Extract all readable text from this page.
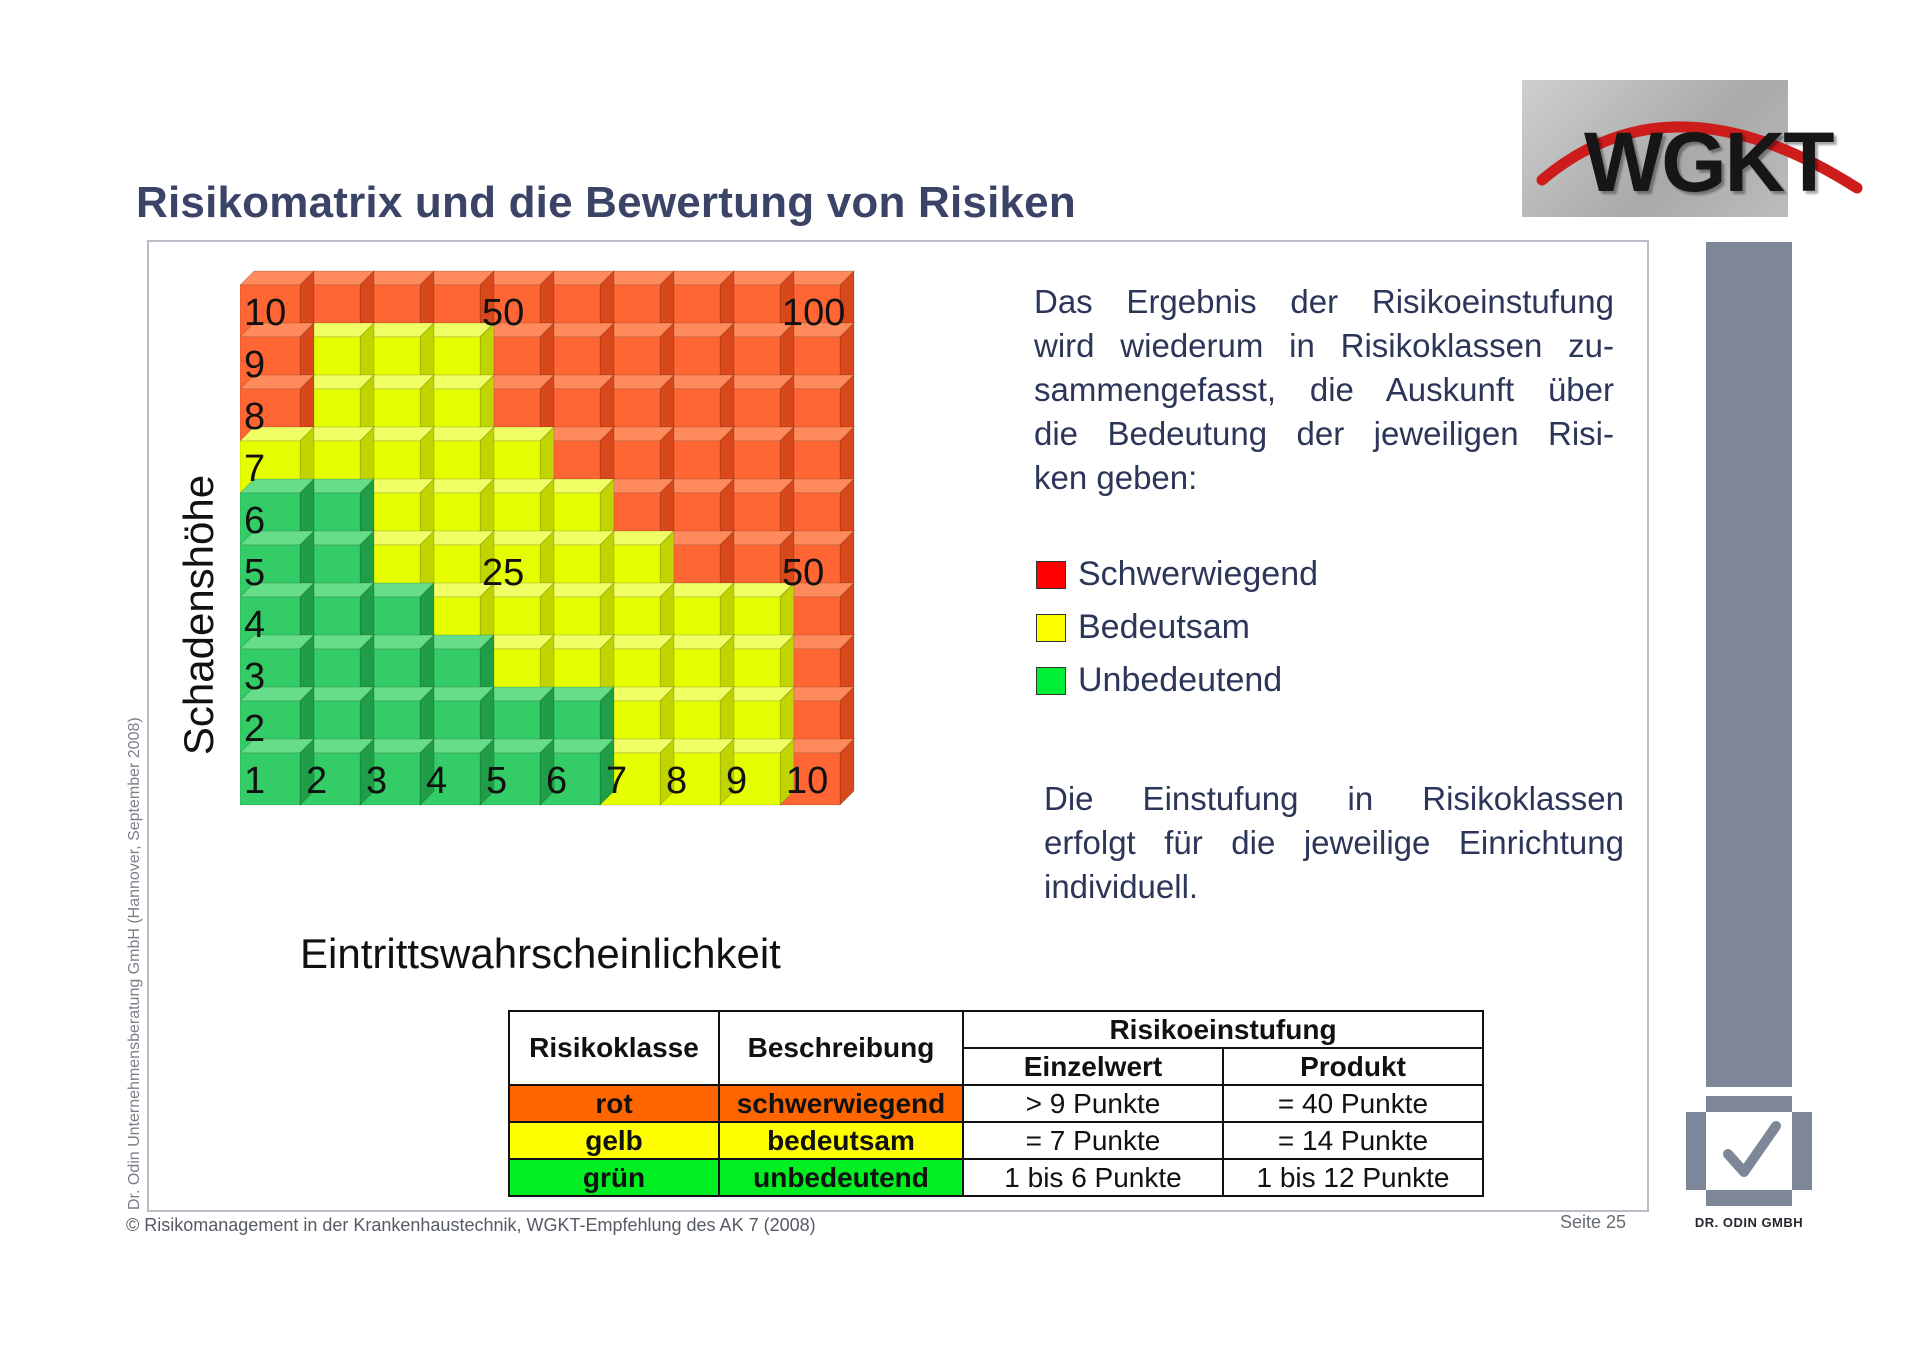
Risikomatrix und die Bewertung von Risiken	WGKT
Dr. Odin Unternehmensberatung GmbH (Hannover, September 2008)
10
9
8
7
6
5
4
3
2
1 2 3 4 5 6 7 8 9 10
50	100
25	50
Schadenshöhe
Eintrittswahrscheinlichkeit
Das Ergebnis der Risikoeinstufung
wird wiederum in Risikoklassen zu-
sammengefasst, die Auskunft über
die Bedeutung der jeweiligen Risi-
ken geben:
Schwerwiegend
Bedeutsam
Unbedeutend
Die Einstufung in Risikoklassen
erfolgt für die jeweilige Einrichtung
individuell.
Risikoklasse	Beschreibung	Risikoeinstufung	
		Einzelwert	Produkt
rot	schwerwiegend	> 9 Punkte	= 40 Punkte
gelb	bedeutsam	= 7 Punkte	= 14 Punkte
grün	unbedeutend	1 bis 6 Punkte	1 bis 12 Punkte
DR. ODIN GMBH
© Risikomanagement in der Krankenhaustechnik, WGKT-Empfehlung des AK 7 (2008)	Seite 25
